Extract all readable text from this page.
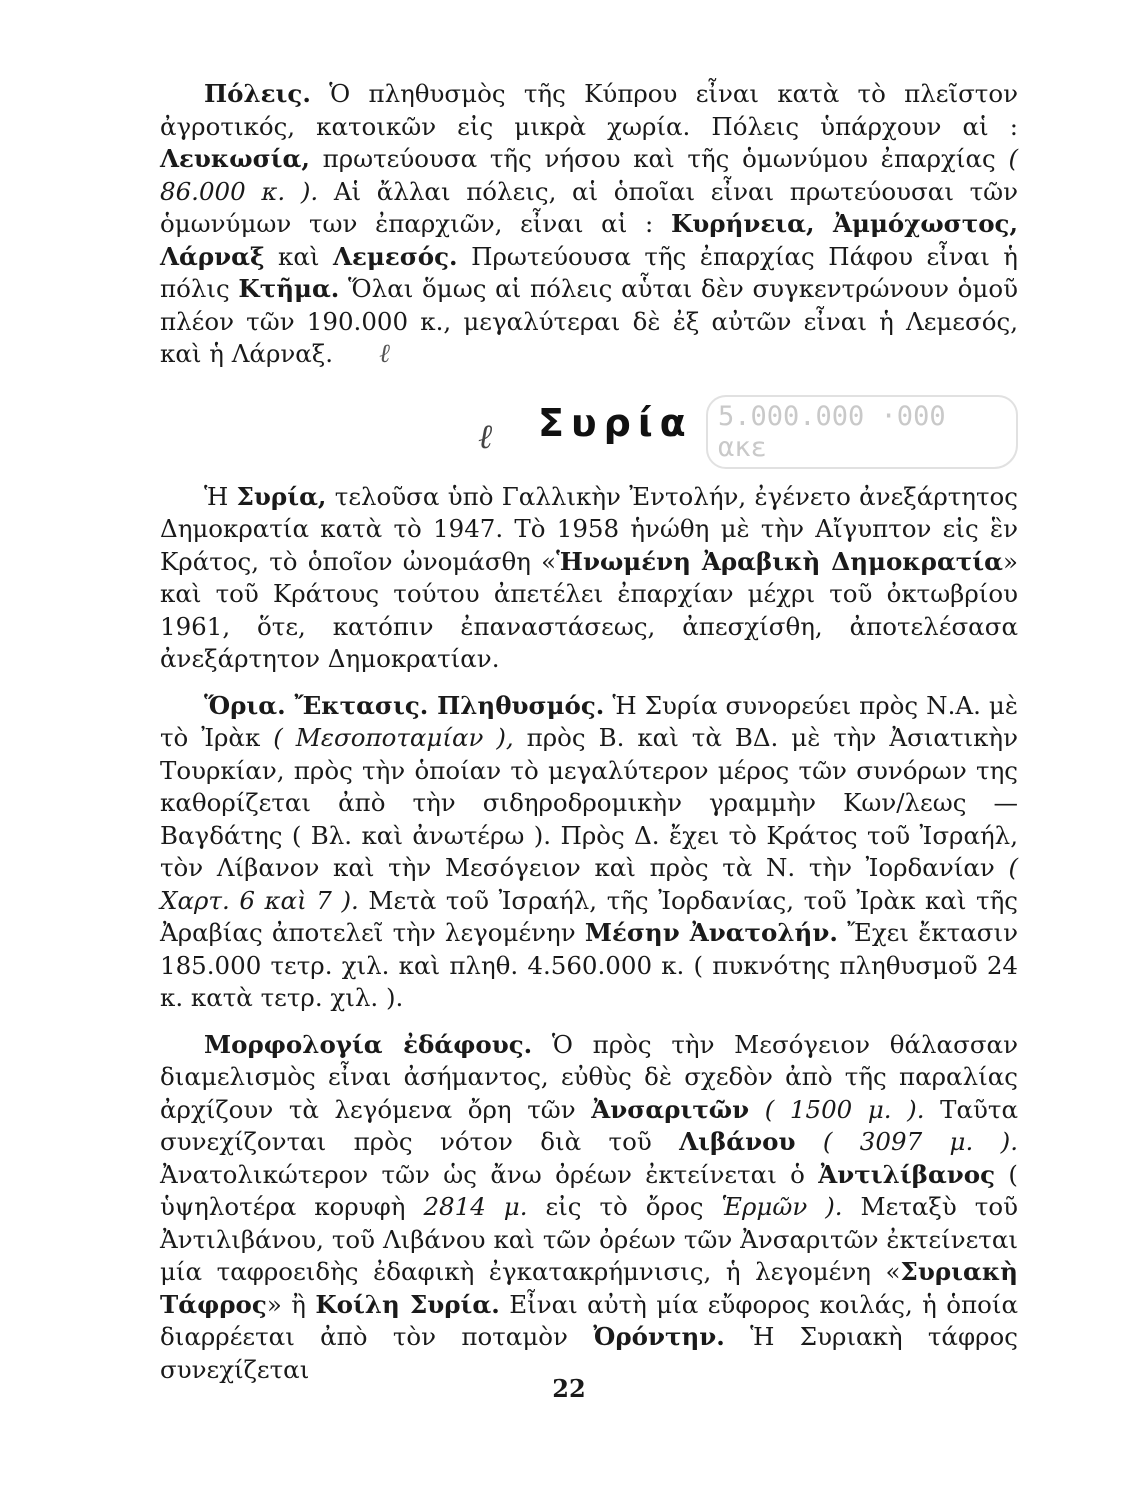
Πόλεις. Ὁ πληθυσμὸς τῆς Κύπρου εἶναι κατὰ τὸ πλεῖστον ἀγροτικός, κατοικῶν εἰς μικρὰ χωρία. Πόλεις ὑπάρχουν αἱ : Λευκωσία, πρωτεύουσα τῆς νήσου καὶ τῆς ὁμωνύμου ἐπαρχίας ( 86.000 κ. ). Αἱ ἄλλαι πόλεις, αἱ ὁποῖαι εἶναι πρωτεύουσαι τῶν ὁμωνύμων των ἐπαρχιῶν, εἶναι αἱ : Κυρήνεια, Ἀμμόχωστος, Λάρναξ καὶ Λεμεσός. Πρωτεύουσα τῆς ἐπαρχίας Πάφου εἶναι ἡ πόλις Κτῆμα. Ὅλαι ὅμως αἱ πόλεις αὗται δὲν συγκεντρώνουν ὁμοῦ πλέον τῶν 190.000 κ., μεγαλύτεραι δὲ ἐξ αὐτῶν εἶναι ἡ Λεμεσός, καὶ ἡ Λάρναξ. ℓ

ℓ Συρία 5.000.000 ·000 ακε

Ἡ Συρία, τελοῦσα ὑπὸ Γαλλικὴν Ἐντολήν, ἐγένετο ἀνεξάρτητος Δημοκρατία κατὰ τὸ 1947. Τὸ 1958 ἡνώθη μὲ τὴν Αἴγυπτον εἰς ἓν Κράτος, τὸ ὁποῖον ὠνομάσθη «Ἡνωμένη Ἀραβικὴ Δημοκρατία» καὶ τοῦ Κράτους τούτου ἀπετέλει ἐπαρχίαν μέχρι τοῦ ὀκτωβρίου 1961, ὅτε, κατόπιν ἐπαναστάσεως, ἀπεσχίσθη, ἀποτελέσασα ἀνεξάρτητον Δημοκρατίαν.

Ὅρια. Ἔκτασις. Πληθυσμός. Ἡ Συρία συνορεύει πρὸς Ν.Α. μὲ τὸ Ἰρὰκ ( Μεσοποταμίαν ), πρὸς Β. καὶ τὰ ΒΔ. μὲ τὴν Ἀσιατικὴν Τουρκίαν, πρὸς τὴν ὁποίαν τὸ μεγαλύτερον μέρος τῶν συνόρων της καθορίζεται ἀπὸ τὴν σιδηροδρομικὴν γραμμὴν Κων/λεως — Βαγδάτης ( Βλ. καὶ ἀνωτέρω ). Πρὸς Δ. ἔχει τὸ Κράτος τοῦ Ἰσραήλ, τὸν Λίβανον καὶ τὴν Μεσόγειον καὶ πρὸς τὰ Ν. τὴν Ἰορδανίαν ( Χαρτ. 6 καὶ 7 ). Μετὰ τοῦ Ἰσραήλ, τῆς Ἰορδανίας, τοῦ Ἰρὰκ καὶ τῆς Ἀραβίας ἀποτελεῖ τὴν λεγομένην Μέσην Ἀνατολήν. Ἔχει ἔκτασιν 185.000 τετρ. χιλ. καὶ πληθ. 4.560.000 κ. ( πυκνότης πληθυσμοῦ 24 κ. κατὰ τετρ. χιλ. ).

Μορφολογία ἐδάφους. Ὁ πρὸς τὴν Μεσόγειον θάλασσαν διαμελισμὸς εἶναι ἀσήμαντος, εὐθὺς δὲ σχεδὸν ἀπὸ τῆς παραλίας ἀρχίζουν τὰ λεγόμενα ὄρη τῶν Ἀνσαριτῶν ( 1500 μ. ). Ταῦτα συνεχίζονται πρὸς νότον διὰ τοῦ Λιβάνου ( 3097 μ. ). Ἀνατολικώτερον τῶν ὡς ἄνω ὀρέων ἐκτείνεται ὁ Ἀντιλίβανος ( ὑψηλοτέρα κορυφὴ 2814 μ. εἰς τὸ ὄρος Ἑρμῶν ). Μεταξὺ τοῦ Ἀντιλιβάνου, τοῦ Λιβάνου καὶ τῶν ὀρέων τῶν Ἀνσαριτῶν ἐκτείνεται μία ταφροειδὴς ἐδαφικὴ ἐγκατακρήμνισις, ἡ λεγομένη «Συριακὴ Τάφρος» ἢ Κοίλη Συρία. Εἶναι αὐτὴ μία εὔφορος κοιλάς, ἡ ὁποία διαρρέεται ἀπὸ τὸν ποταμὸν Ὀρόντην. Ἡ Συριακὴ τάφρος συνεχίζεται

22
